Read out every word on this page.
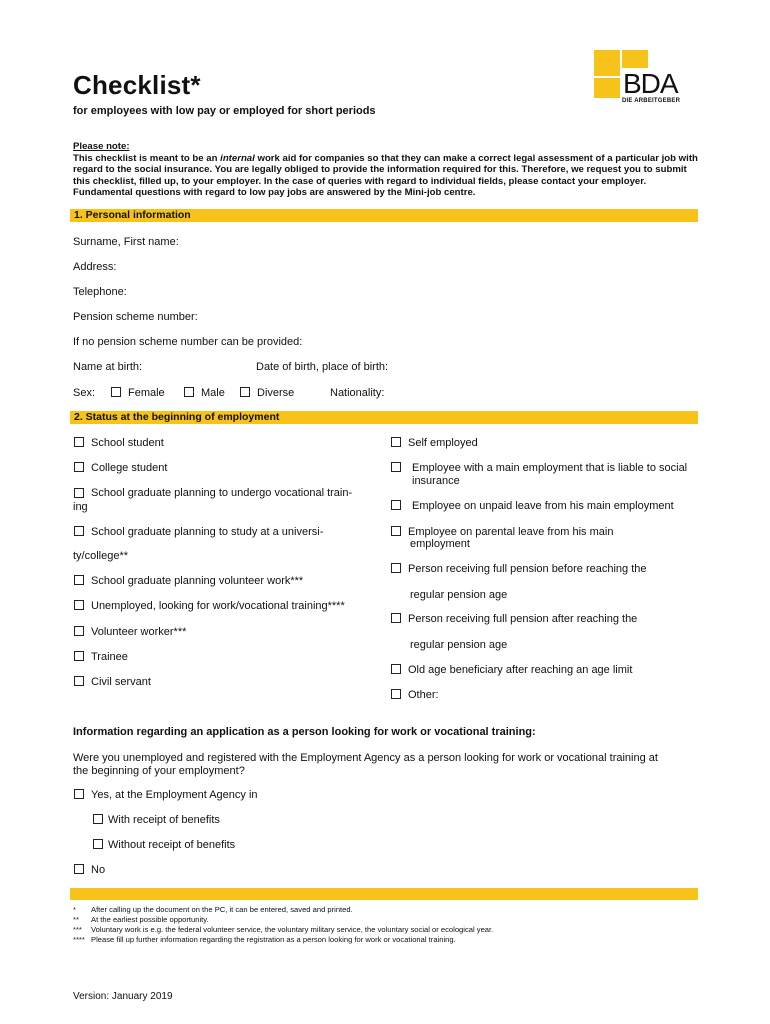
Checklist*
for employees with low pay or employed for short periods
BDA
DIE ARBEITGEBER
Please note:
This checklist is meant to be an internal work aid for companies so that they can make a correct legal assessment of a particular job with regard to the social insurance. You are legally obliged to provide the information required for this. Therefore, we request you to submit this checklist, filled up, to your employer. In the case of queries with regard to individual fields, please contact your employer. Fundamental questions with regard to low pay jobs are answered by the Mini-job centre.
1. Personal information
Surname, First name:
Address:
Telephone:
Pension scheme number:
If no pension scheme number can be provided:
Name at birth:	Date of birth, place of birth:
Sex:	Female	Male	Diverse	Nationality:
2. Status at the beginning of employment
School student
College student
School graduate planning to undergo vocational train-
ing
School graduate planning to study at a universi-
ty/college**
School graduate planning volunteer work***
Unemployed, looking for work/vocational training****
Volunteer worker***
Trainee
Civil servant
Self employed
Employee with a main employment that is liable to social
insurance
Employee on unpaid leave from his main employment
Employee on parental leave from his main
employment
Person receiving full pension before reaching the
regular pension age
Person receiving full pension after reaching the
regular pension age
Old age beneficiary after reaching an age limit
Other:
Information regarding an application as a person looking for work or vocational training:
Were you unemployed and registered with the Employment Agency as a person looking for work or vocational training at
the beginning of your employment?
Yes, at the Employment Agency in
With receipt of benefits
Without receipt of benefits
No
* After calling up the document on the PC, it can be entered, saved and printed.
** At the earliest possible opportunity.
*** Voluntary work is e.g. the federal volunteer service, the voluntary military service, the voluntary social or ecological year.
**** Please fill up further information regarding the registration as a person looking for work or vocational training.
Version: January 2019
